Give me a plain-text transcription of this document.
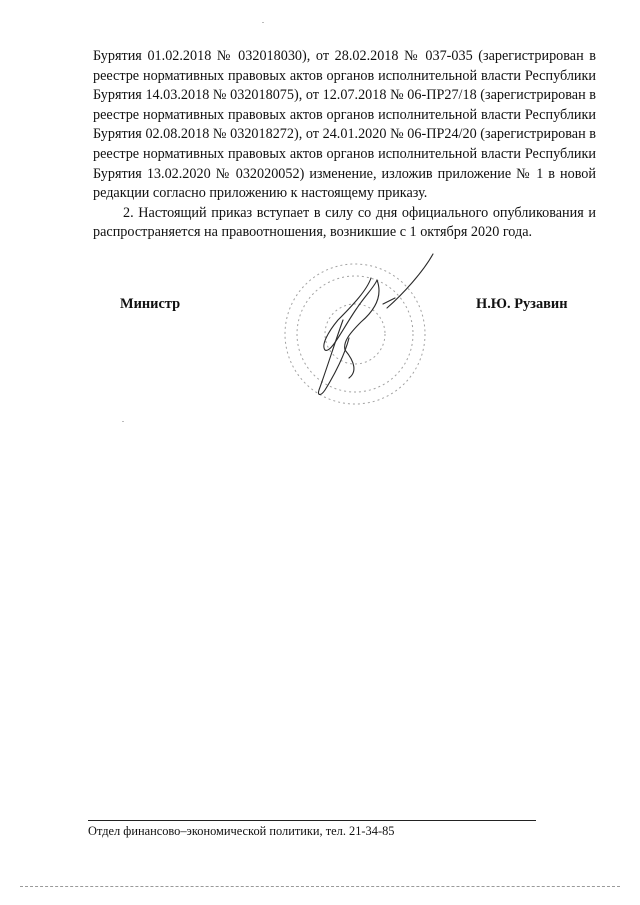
Бурятия 01.02.2018 № 032018030), от 28.02.2018 № 037-035 (зарегистрирован в реестре нормативных правовых актов органов исполнительной власти Республики Бурятия 14.03.2018 № 032018075), от 12.07.2018 № 06-ПР27/18 (зарегистрирован в реестре нормативных правовых актов органов исполнительной власти Республики Бурятия 02.08.2018 № 032018272), от 24.01.2020 № 06-ПР24/20 (зарегистрирован в реестре нормативных правовых актов органов исполнительной власти Республики Бурятия 13.02.2020 № 032020052) изменение, изложив приложение № 1 в новой редакции согласно приложению к настоящему приказу.

2. Настоящий приказ вступает в силу со дня официального опубликования и распространяется на правоотношения, возникшие с 1 октября 2020 года.

Министр	Н.Ю. Рузавин
Отдел финансово–экономической политики, тел. 21-34-85
